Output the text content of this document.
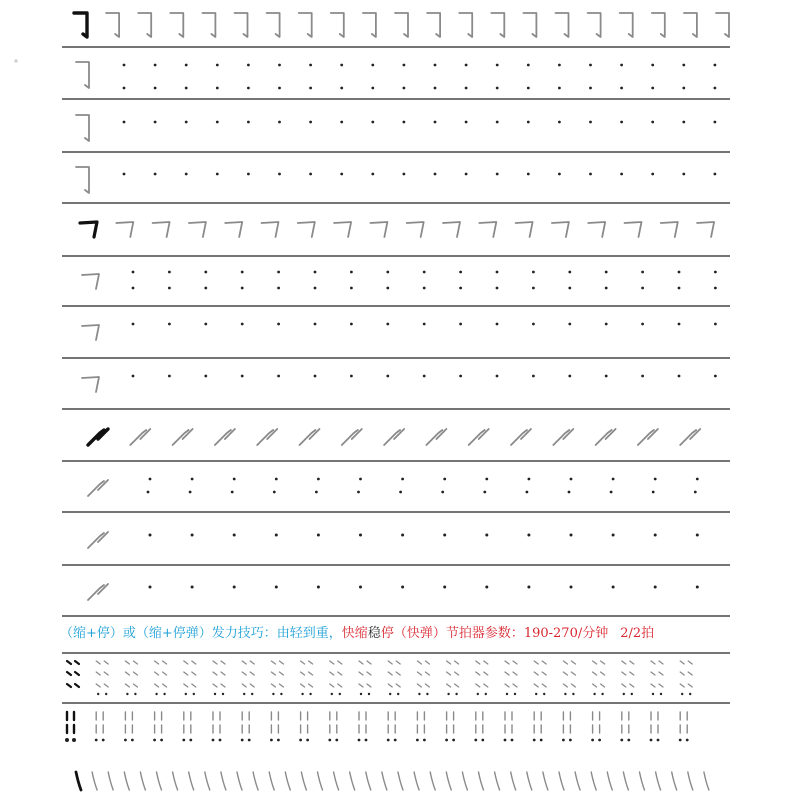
（缩+停）或（缩+停弹）发力技巧：由轻到重，快缩稳停（快弹）节拍器参数：190-270/分钟 2/2拍
